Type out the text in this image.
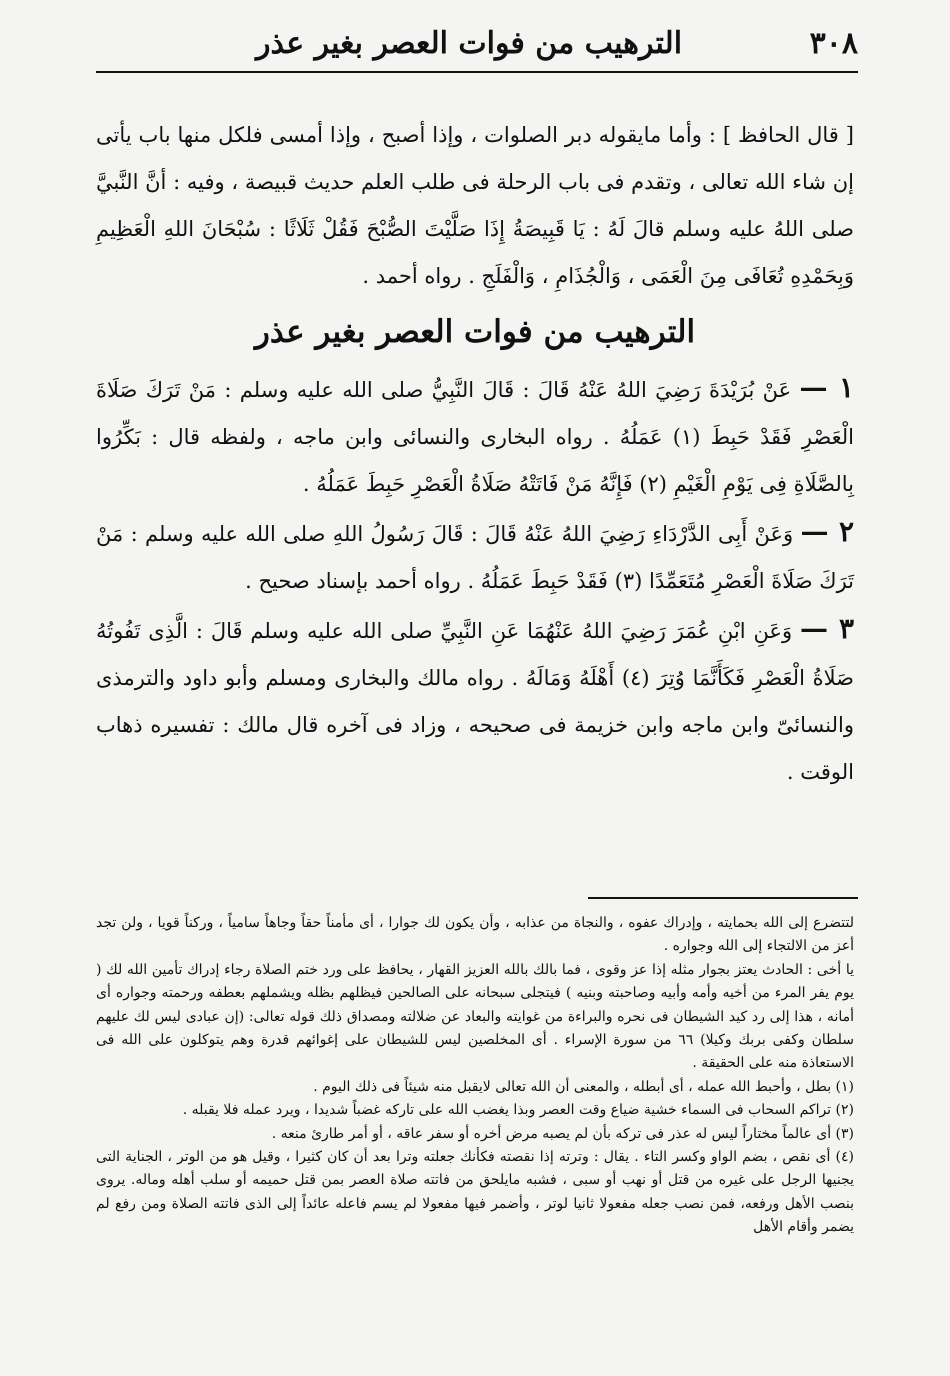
٣٠٨
الترهيب من فوات العصر بغير عذر

[ قال الحافظ ] : وأما مايقوله دبر الصلوات ، وإذا أصبح ، وإذا أمسى فلكل منها باب يأتى إن شاء الله تعالى ، وتقدم فى باب الرحلة فى طلب العلم حديث قبيصة ، وفيه : أنَّ النَّبيَّ صلى اللهُ عليه وسلم قالَ لَهُ : يَا قَبِيصَةُ إِذَا صَلَّيْتَ الصُّبْحَ فَقُلْ ثَلَاثًا : سُبْحَانَ اللهِ الْعَظِيمِ وَبِحَمْدِهِ تُعَافَى مِنَ الْعَمَى ، وَالْجُذَامِ ، وَالْفَلَجِ . رواه أحمد .

الترهيب من فوات العصر بغير عذر

١ — عَنْ بُرَيْدَةَ رَضِيَ اللهُ عَنْهُ قَالَ : قَالَ النَّبِيُّ صلى الله عليه وسلم : مَنْ تَرَكَ صَلَاةَ الْعَصْرِ فَقَدْ حَبِطَ (١) عَمَلُهُ . رواه البخارى والنسائى وابن ماجه ، ولفظه قال : بَكِّرُوا بِالصَّلَاةِ فِى يَوْمِ الْغَيْمِ (٢) فَإِنَّهُ مَنْ فَاتَتْهُ صَلَاةُ الْعَصْرِ حَبِطَ عَمَلُهُ .

٢ — وَعَنْ أَبِى الدَّرْدَاءِ رَضِيَ اللهُ عَنْهُ قَالَ : قَالَ رَسُولُ اللهِ صلى الله عليه وسلم : مَنْ تَرَكَ صَلَاةَ الْعَصْرِ مُتَعَمِّدًا (٣) فَقَدْ حَبِطَ عَمَلُهُ . رواه أحمد بإسناد صحيح .

٣ — وَعَنِ ابْنِ عُمَرَ رَضِيَ اللهُ عَنْهُمَا عَنِ النَّبِيِّ صلى الله عليه وسلم قَالَ : الَّذِى تَفُوتُهُ صَلَاةُ الْعَصْرِ فَكَأَنَّمَا وُتِرَ (٤) أَهْلَهُ وَمَالَهُ . رواه مالك والبخارى ومسلم وأبو داود والترمذى والنسائىّ وابن ماجه وابن خزيمة فى صحيحه ، وزاد فى آخره قال مالك : تفسيره ذهاب الوقت .

لتتضرع إلى الله بحمايته ، وإدراك عفوه ، والنجاة من عذابه ، وأن يكون لك جوارا ، أى مأمناً حقاً وجاهاً سامياً ، وركناً قويا ، ولن تجد أعز من الالتجاء إلى الله وجواره .

يا أخى : الحادث يعتز بجوار مثله إذا عز وقوى ، فما بالك بالله العزيز القهار ، يحافظ على ورد ختم الصلاة رجاء إدراك تأمين الله لك ( يوم يفر المرء من أخيه وأمه وأبيه وصاحبته وبنيه ) فيتجلى سبحانه على الصالحين فيظلهم بظله ويشملهم بعطفه ورحمته وجواره أى أمانه ، هذا إلى رد كيد الشيطان فى نحره والبراءة من غوايته والبعاد عن ضلالته ومصداق ذلك قوله تعالى: (إن عبادى ليس لك عليهم سلطان وكفى بربك وكيلا) ٦٦ من سورة الإسراء . أى المخلصين ليس للشيطان على إغوائهم قدرة وهم يتوكلون على الله فى الاستعاذة منه على الحقيقة .

(١) بطل ، وأحبط الله عمله ، أى أبطله ، والمعنى أن الله تعالى لايقبل منه شيئاً فى ذلك اليوم .

(٢) تراكم السحاب فى السماء خشية ضياع وقت العصر وبذا يغضب الله على تاركه غضباً شديدا ، ويرد عمله فلا يقبله .

(٣) أى عالماً مختاراً ليس له عذر فى تركه بأن لم يصبه مرض أخره أو سفر عاقه ، أو أمر طارئ منعه .

(٤) أى نقص ، بضم الواو وكسر التاء . يقال : وترته إذا نقصته فكأنك جعلته وترا بعد أن كان كثيرا ، وقيل هو من الوتر ، الجناية التى يجنيها الرجل على غيره من قتل أو نهب أو سبى ، فشبه مايلحق من فاتته صلاة العصر بمن قتل حميمه أو سلب أهله وماله. يروى بنصب الأهل ورفعه، فمن نصب جعله مفعولا ثانيا لوتر ، وأضمر فيها مفعولا لم يسم فاعله عائداً إلى الذى فاتته الصلاة ومن رفع لم يضمر وأقام الأهل
